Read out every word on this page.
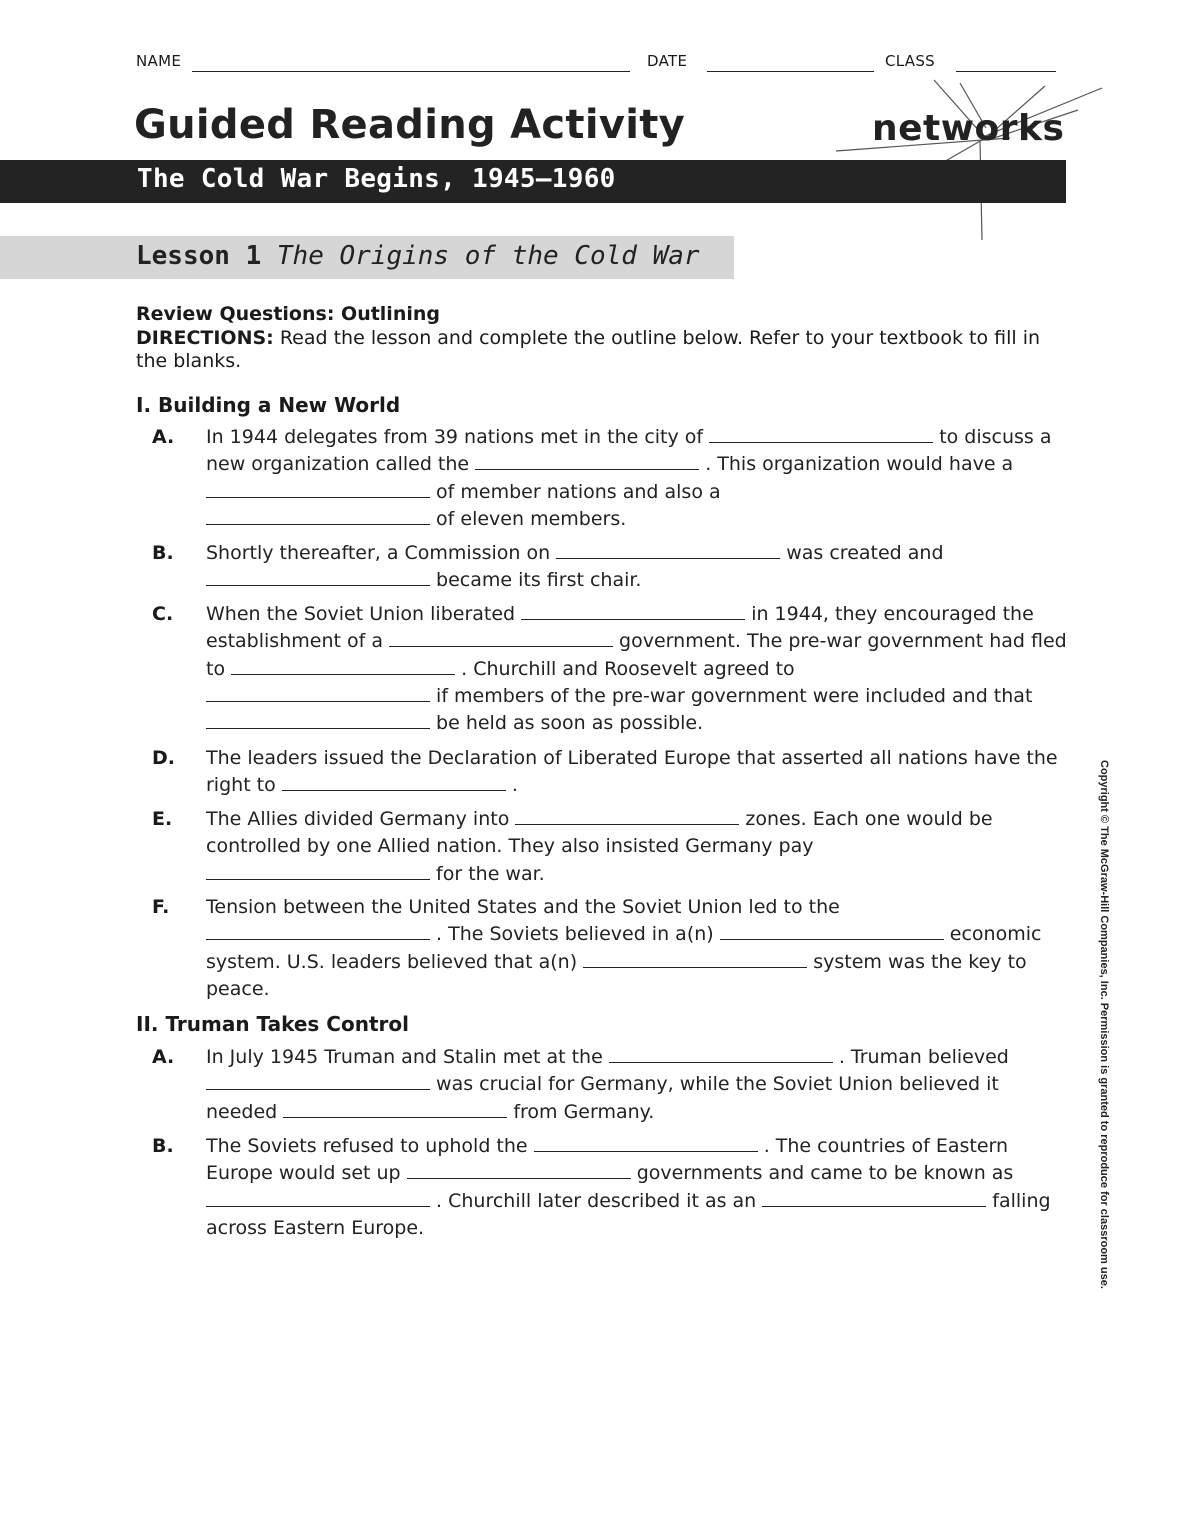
NAME	DATE	CLASS
Guided Reading Activity	networks
The Cold War Begins, 1945–1960
Lesson 1 The Origins of the Cold War
Review Questions: Outlining
DIRECTIONS: Read the lesson and complete the outline below. Refer to your textbook to fill in the blanks.
I. Building a New World
A. In 1944 delegates from 39 nations met in the city of	to discuss a new organization called the	. This organization would have a  of member nations and also a
of eleven members.
B. Shortly thereafter, a Commission on	was created and
became its first chair.
C. When the Soviet Union liberated	in 1944, they encouraged the establishment of a	government. The pre-war government had fled to	. Churchill and Roosevelt agreed to
if members of the pre-war government were included and that
be held as soon as possible.
D. The leaders issued the Declaration of Liberated Europe that asserted all nations have the right to	.
E. The Allies divided Germany into	zones. Each one would be controlled by one Allied nation. They also insisted Germany pay
for the war.
F. Tension between the United States and the Soviet Union led to the
. The Soviets believed in a(n)	economic system. U.S. leaders believed that a(n)	system was the key to peace.
II. Truman Takes Control
A. In July 1945 Truman and Stalin met at the	. Truman believed
was crucial for Germany, while the Soviet Union believed it needed	from Germany.
B. The Soviets refused to uphold the	. The countries of Eastern Europe would set up	governments and came to be known as
. Churchill later described it as an	falling across Eastern Europe.	Copyright © The McGraw-Hill Companies, Inc. Permission is granted to reproduce for classroom use.
